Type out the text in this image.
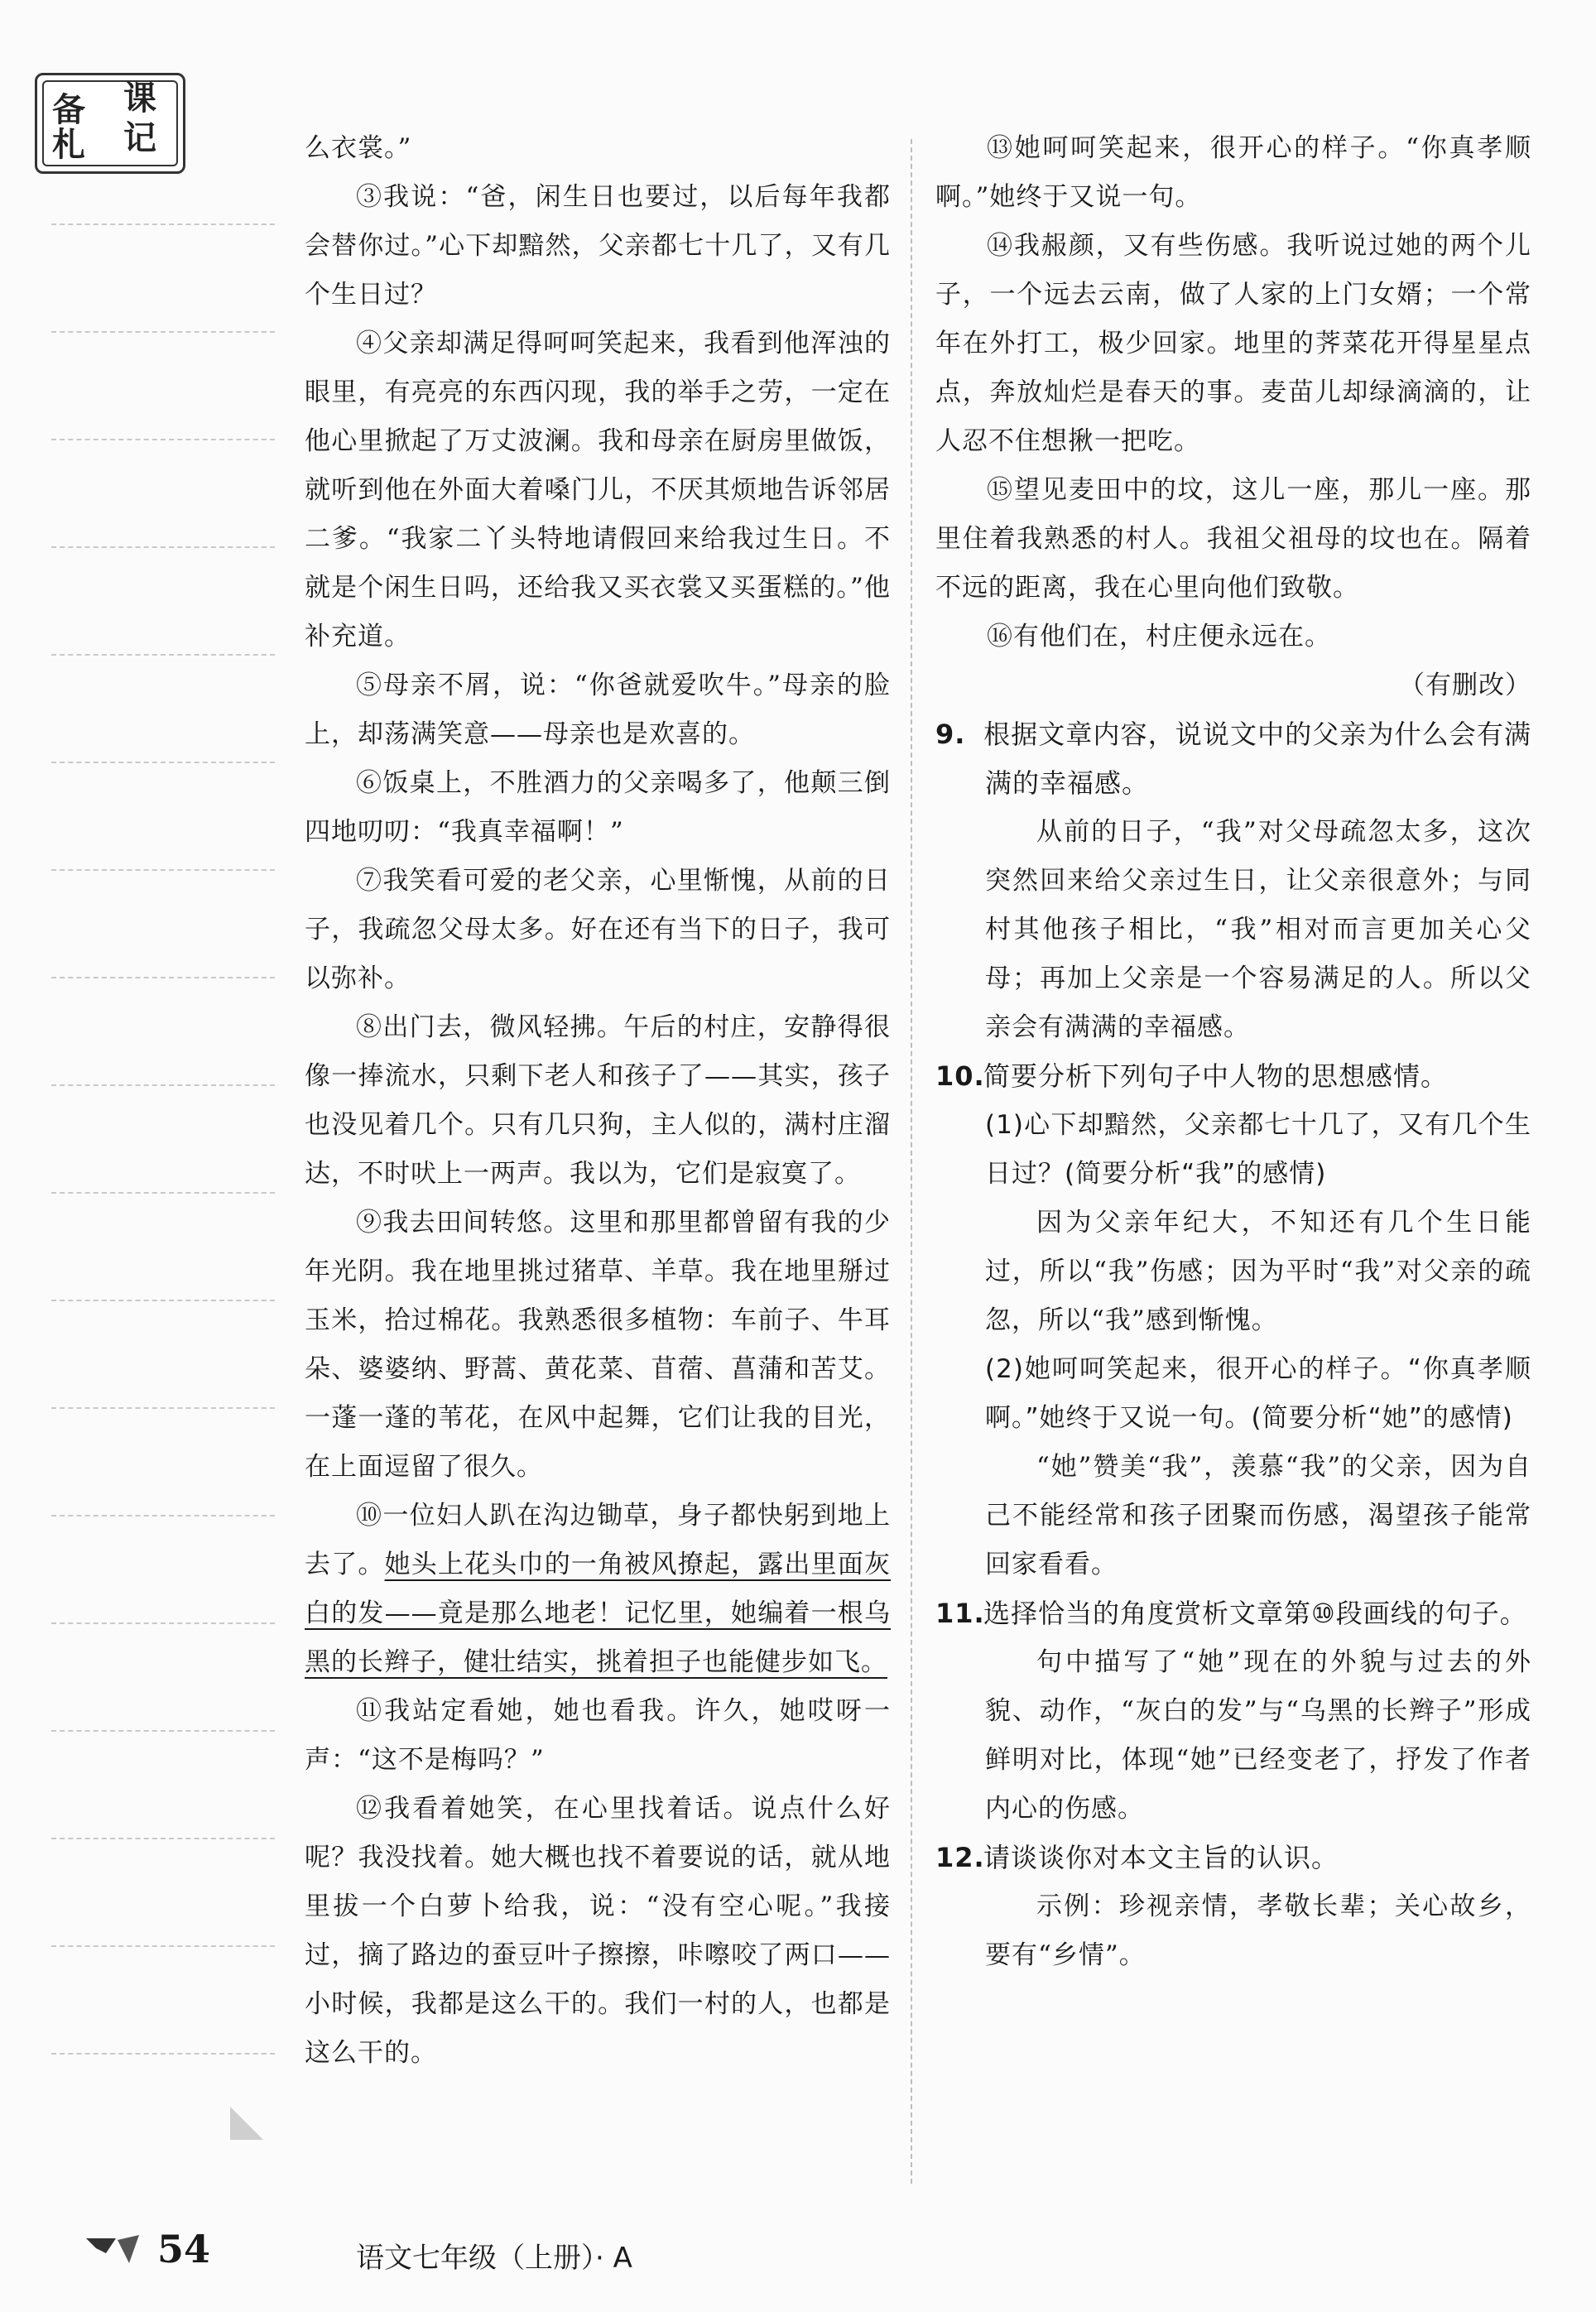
备 课
札 记	么衣裳。”

③我说：“爸，闲生日也要过，以后每年我都会替你过。”心下却黯然，父亲都七十几了，又有几个生日过？

④父亲却满足得呵呵笑起来，我看到他浑浊的眼里，有亮亮的东西闪现，我的举手之劳，一定在他心里掀起了万丈波澜。我和母亲在厨房里做饭，就听到他在外面大着嗓门儿，不厌其烦地告诉邻居二爹。“我家二丫头特地请假回来给我过生日。不就是个闲生日吗，还给我又买衣裳又买蛋糕的。”他补充道。

⑤母亲不屑，说：“你爸就爱吹牛。”母亲的脸上，却荡满笑意——母亲也是欢喜的。

⑥饭桌上，不胜酒力的父亲喝多了，他颠三倒四地叨叨：“我真幸福啊！”

⑦我笑看可爱的老父亲，心里惭愧，从前的日子，我疏忽父母太多。好在还有当下的日子，我可以弥补。

⑧出门去，微风轻拂。午后的村庄，安静得很像一捧流水，只剩下老人和孩子了——其实，孩子也没见着几个。只有几只狗，主人似的，满村庄溜达，不时吠上一两声。我以为，它们是寂寞了。

⑨我去田间转悠。这里和那里都曾留有我的少年光阴。我在地里挑过猪草、羊草。我在地里掰过玉米，拾过棉花。我熟悉很多植物：车前子、牛耳朵、婆婆纳、野蒿、黄花菜、苜蓿、菖蒲和苦艾。一蓬一蓬的苇花，在风中起舞，它们让我的目光，在上面逗留了很久。

⑩一位妇人趴在沟边锄草，身子都快躬到地上去了。她头上花头巾的一角被风撩起，露出里面灰白的发——竟是那么地老！记忆里，她编着一根乌黑的长辫子，健壮结实，挑着担子也能健步如飞。

⑪我站定看她，她也看我。许久，她哎呀一声：“这不是梅吗？”

⑫我看着她笑，在心里找着话。说点什么好呢？我没找着。她大概也找不着要说的话，就从地里拔一个白萝卜给我，说：“没有空心呢。”我接过，摘了路边的蚕豆叶子擦擦，咔嚓咬了两口——小时候，我都是这么干的。我们一村的人，也都是这么干的。

⑬她呵呵笑起来，很开心的样子。“你真孝顺啊。”她终于又说一句。

⑭我赧颜，又有些伤感。我听说过她的两个儿子，一个远去云南，做了人家的上门女婿；一个常年在外打工，极少回家。地里的荠菜花开得星星点点，奔放灿烂是春天的事。麦苗儿却绿滴滴的，让人忍不住想揪一把吃。

⑮望见麦田中的坟，这儿一座，那儿一座。那里住着我熟悉的村人。我祖父祖母的坟也在。隔着不远的距离，我在心里向他们致敬。

⑯有他们在，村庄便永远在。

（有删改）

9. 根据文章内容，说说文中的父亲为什么会有满满的幸福感。

从前的日子，“我”对父母疏忽太多，这次突然回来给父亲过生日，让父亲很意外；与同村其他孩子相比，“我”相对而言更加关心父母；再加上父亲是一个容易满足的人。所以父亲会有满满的幸福感。

10.简要分析下列句子中人物的思想感情。

(1)心下却黯然，父亲都七十几了，又有几个生日过？(简要分析“我”的感情)

因为父亲年纪大，不知还有几个生日能过，所以“我”伤感；因为平时“我”对父亲的疏忽，所以“我”感到惭愧。

(2)她呵呵笑起来，很开心的样子。“你真孝顺啊。”她终于又说一句。(简要分析“她”的感情)

“她”赞美“我”，羡慕“我”的父亲，因为自己不能经常和孩子团聚而伤感，渴望孩子能常回家看看。

11.选择恰当的角度赏析文章第⑩段画线的句子。

句中描写了“她”现在的外貌与过去的外貌、动作，“灰白的发”与“乌黑的长辫子”形成鲜明对比，体现“她”已经变老了，抒发了作者内心的伤感。

12.请谈谈你对本文主旨的认识。

示例：珍视亲情，孝敬长辈；关心故乡，要有“乡情”。

54	语文七年级（上册）· A
